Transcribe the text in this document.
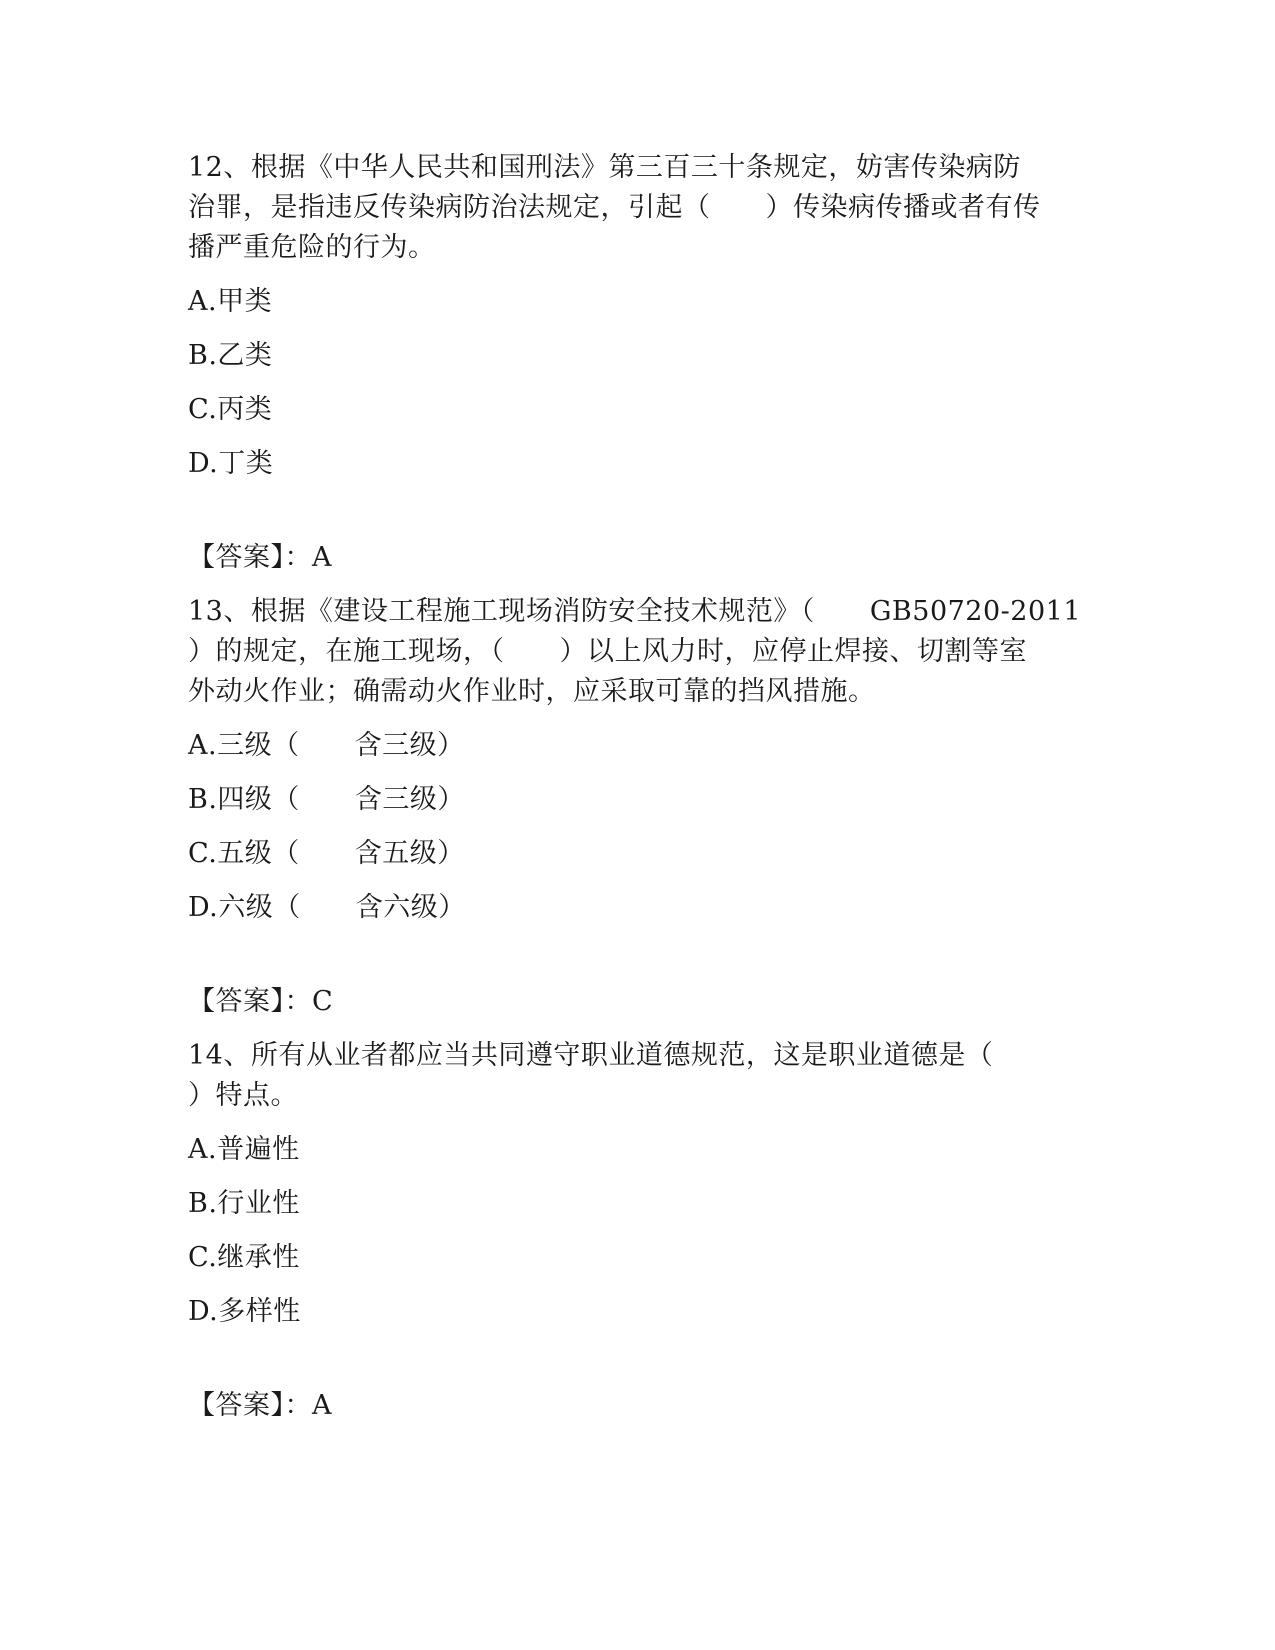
12、根据《中华人民共和国刑法》第三百三十条规定，妨害传染病防
治罪，是指违反传染病防治法规定，引起（　　）传染病传播或者有传
播严重危险的行为。
A.甲类
B.乙类
C.丙类
D.丁类
【答案】：A
13、根据《建设工程施工现场消防安全技术规范》（　　GB50720-2011
）的规定，在施工现场，（　　）以上风力时，应停止焊接、切割等室
外动火作业；确需动火作业时，应采取可靠的挡风措施。
A.三级（　　含三级）
B.四级（　　含三级）
C.五级（　　含五级）
D.六级（　　含六级）
【答案】：C
14、所有从业者都应当共同遵守职业道德规范，这是职业道德是（
）特点。
A.普遍性
B.行业性
C.继承性
D.多样性
【答案】：A
